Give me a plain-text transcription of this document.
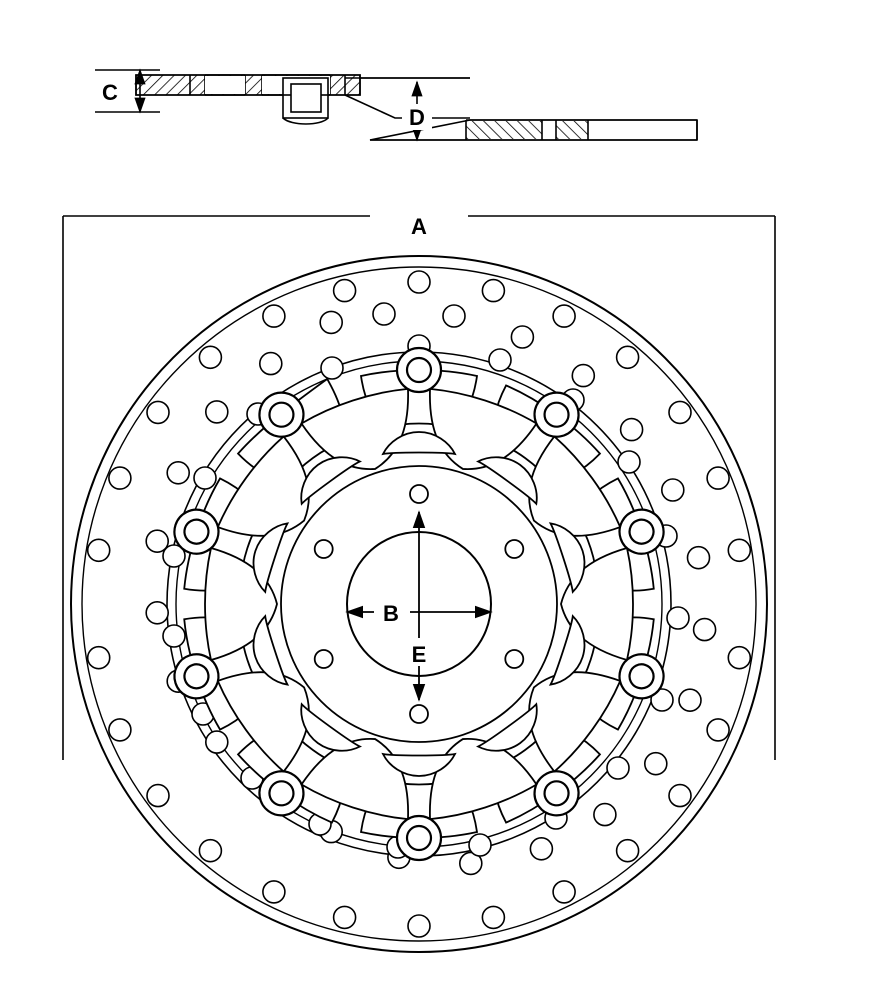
C
D
A
B
E
